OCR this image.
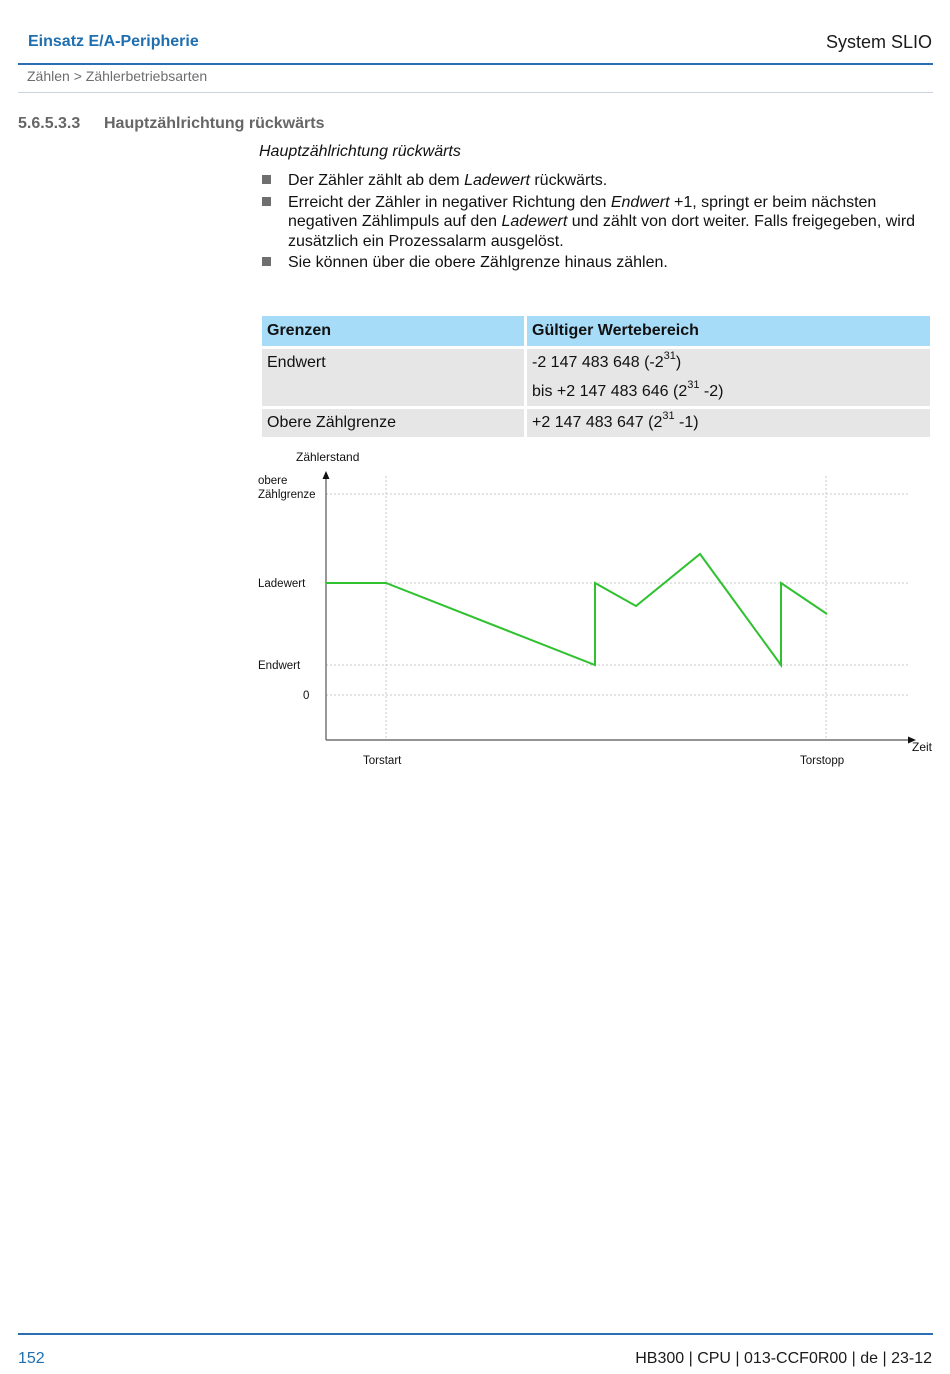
Einsatz E/A-Peripherie	System SLIO
Zählen > Zählerbetriebsarten
5.6.5.3.3 Hauptzählrichtung rückwärts
Hauptzählrichtung rückwärts
Der Zähler zählt ab dem Ladewert rückwärts.
Erreicht der Zähler in negativer Richtung den Endwert +1, springt er beim nächsten negativen Zählimpuls auf den Ladewert und zählt von dort weiter. Falls freigegeben, wird zusätzlich ein Prozessalarm ausgelöst.
Sie können über die obere Zählgrenze hinaus zählen.
Grenzen	Gültiger Wertebereich
Endwert	-2 147 483 648 $(-2^{31})$
bis +2 147 483 646 ($2^{31}$ -2)

Obere Zählgrenze	+2 147 483 647 ($2^{31}$ -1)
obere
Zählgrenze
Ladewert
Endwert
0
Zählerstand
Zeit
Torstart	Torstopp
152	HB300 | CPU | 013-CCF0R00 | de | 23-12
